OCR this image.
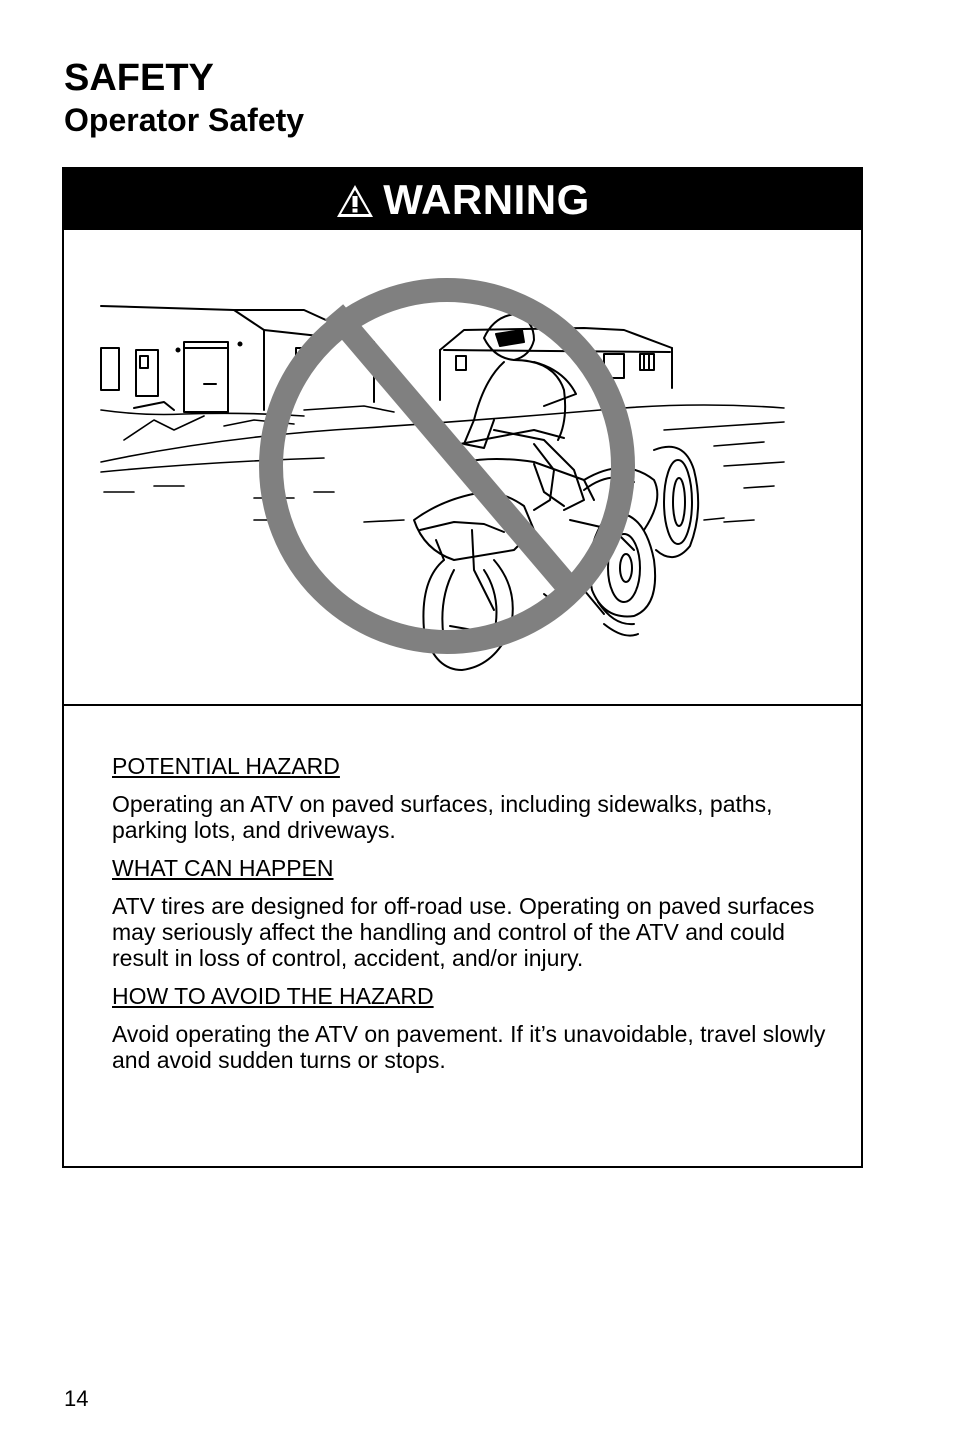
SAFETY
Operator Safety
WARNING

POTENTIAL HAZARD

Operating an ATV on paved surfaces, including sidewalks, paths, parking lots, and driveways.

WHAT CAN HAPPEN

ATV tires are designed for off-road use. Operating on paved surfaces may seriously affect the handling and control of the ATV and could result in loss of control, accident, and/or injury.

HOW TO AVOID THE HAZARD

Avoid operating the ATV on pavement. If it’s unavoidable, travel slowly and avoid sudden turns or stops.

14
